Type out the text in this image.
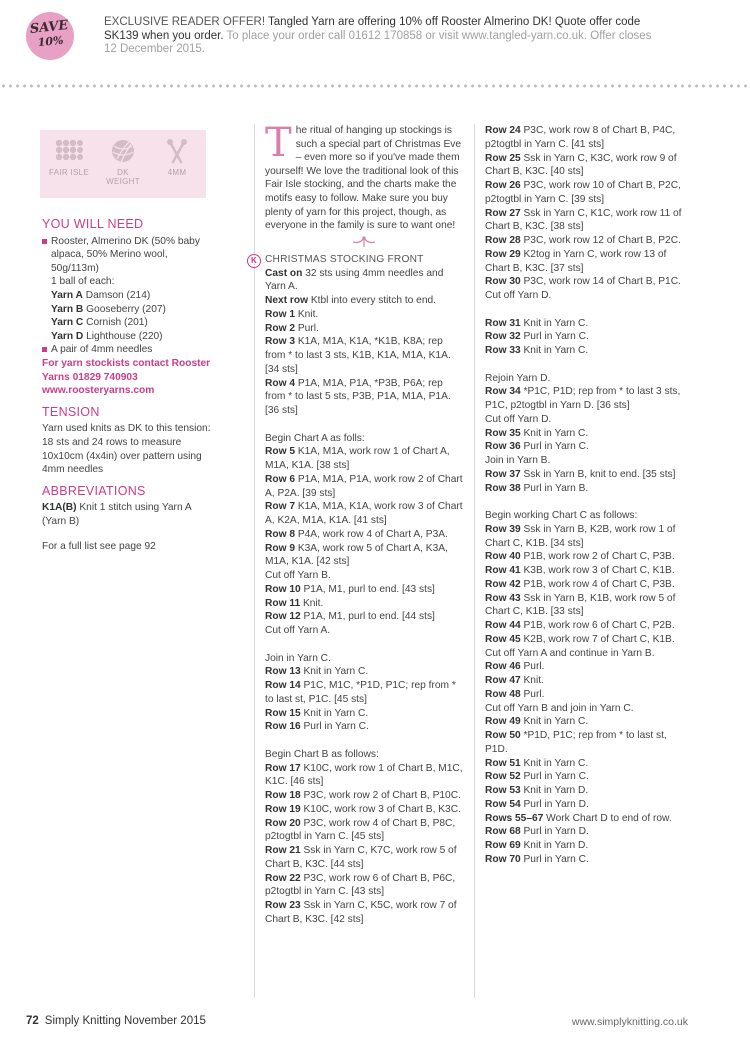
SAVE
10%
EXCLUSIVE READER OFFER! Tangled Yarn are offering 10% off Rooster Almerino DK! Quote offer code SK139 when you order. To place your order call 01612 170858 or visit www.tangled-yarn.co.uk. Offer closes 12 December 2015.
FAIR ISLE	DK
WEIGHT
4MM
YOU WILL NEED
Rooster, Almerino DK (50% baby alpaca, 50% Merino wool, 50g/113m)
1 ball of each:
Yarn A Damson (214)
Yarn B Gooseberry (207)
Yarn C Cornish (201)
Yarn D Lighthouse (220)
A pair of 4mm needles
For yarn stockists contact Rooster Yarns 01829 740903 www.roosteryarns.com
TENSION
Yarn used knits as DK to this tension: 18 sts and 24 rows to measure 10x10cm (4x4in) over pattern using 4mm needles
ABBREVIATIONS
K1A(B) Knit 1 stitch using Yarn A (Yarn B)
For a full list see page 92
The ritual of hanging up stockings is such a special part of Christmas Eve – even more so if you've made them yourself! We love the traditional look of this Fair Isle stocking, and the charts make the motifs easy to follow. Make sure you buy plenty of yarn for this project, though, as everyone in the family is sure to want one!
K CHRISTMAS STOCKING FRONT
Cast on 32 sts using 4mm needles and Yarn A.
Next row Ktbl into every stitch to end.
Row 1 Knit.
Row 2 Purl.
Row 3 K1A, M1A, K1A, *K1B, K8A; rep from * to last 3 sts, K1B, K1A, M1A, K1A. [34 sts]
Row 4 P1A, M1A, P1A, *P3B, P6A; rep from * to last 5 sts, P3B, P1A, M1A, P1A. [36 sts]
Begin Chart A as folls:
Row 5 K1A, M1A, work row 1 of Chart A, M1A, K1A. [38 sts]
Row 6 P1A, M1A, P1A, work row 2 of Chart A, P2A. [39 sts]
Row 7 K1A, M1A, K1A, work row 3 of Chart A, K2A, M1A, K1A. [41 sts]
Row 8 P4A, work row 4 of Chart A, P3A.
Row 9 K3A, work row 5 of Chart A, K3A, M1A, K1A. [42 sts]
Cut off Yarn B.
Row 10 P1A, M1, purl to end. [43 sts]
Row 11 Knit.
Row 12 P1A, M1, purl to end. [44 sts]
Cut off Yarn A.
Join in Yarn C.
Row 13 Knit in Yarn C.
Row 14 P1C, M1C, *P1D, P1C; rep from * to last st, P1C. [45 sts]
Row 15 Knit in Yarn C.
Row 16 Purl in Yarn C.
Begin Chart B as follows:
Row 17 K10C, work row 1 of Chart B, M1C, K1C. [46 sts]
Row 18 P3C, work row 2 of Chart B, P10C.
Row 19 K10C, work row 3 of Chart B, K3C.
Row 20 P3C, work row 4 of Chart B, P8C, p2togtbl in Yarn C. [45 sts]
Row 21 Ssk in Yarn C, K7C, work row 5 of Chart B, K3C. [44 sts]
Row 22 P3C, work row 6 of Chart B, P6C, p2togtbl in Yarn C. [43 sts]
Row 23 Ssk in Yarn C, K5C, work row 7 of Chart B, K3C. [42 sts]
Row 24 P3C, work row 8 of Chart B, P4C, p2togtbl in Yarn C. [41 sts]
Row 25 Ssk in Yarn C, K3C, work row 9 of Chart B, K3C. [40 sts]
Row 26 P3C, work row 10 of Chart B, P2C, p2togtbl in Yarn C. [39 sts]
Row 27 Ssk in Yarn C, K1C, work row 11 of Chart B, K3C. [38 sts]
Row 28 P3C, work row 12 of Chart B, P2C.
Row 29 K2tog in Yarn C, work row 13 of Chart B, K3C. [37 sts]
Row 30 P3C, work row 14 of Chart B, P1C.
Cut off Yarn D.
Row 31 Knit in Yarn C.
Row 32 Purl in Yarn C.
Row 33 Knit in Yarn C.
Rejoin Yarn D.
Row 34 *P1C, P1D; rep from * to last 3 sts, P1C, p2togtbl in Yarn D. [36 sts]
Cut off Yarn D.
Row 35 Knit in Yarn C.
Row 36 Purl in Yarn C.
Join in Yarn B.
Row 37 Ssk in Yarn B, knit to end. [35 sts]
Row 38 Purl in Yarn B.
Begin working Chart C as follows:
Row 39 Ssk in Yarn B, K2B, work row 1 of Chart C, K1B. [34 sts]
Row 40 P1B, work row 2 of Chart C, P3B.
Row 41 K3B, work row 3 of Chart C, K1B.
Row 42 P1B, work row 4 of Chart C, P3B.
Row 43 Ssk in Yarn B, K1B, work row 5 of Chart C, K1B. [33 sts]
Row 44 P1B, work row 6 of Chart C, P2B.
Row 45 K2B, work row 7 of Chart C, K1B.
Cut off Yarn A and continue in Yarn B.
Row 46 Purl.
Row 47 Knit.
Row 48 Purl.
Cut off Yarn B and join in Yarn C.
Row 49 Knit in Yarn C.
Row 50 *P1D, P1C; rep from * to last st, P1D.
Row 51 Knit in Yarn C.
Row 52 Purl in Yarn C.
Row 53 Knit in Yarn D.
Row 54 Purl in Yarn D.
Rows 55–67 Work Chart D to end of row.
Row 68 Purl in Yarn D.
Row 69 Knit in Yarn D.
Row 70 Purl in Yarn C.
72 Simply Knitting November 2015	www.simplyknitting.co.uk
